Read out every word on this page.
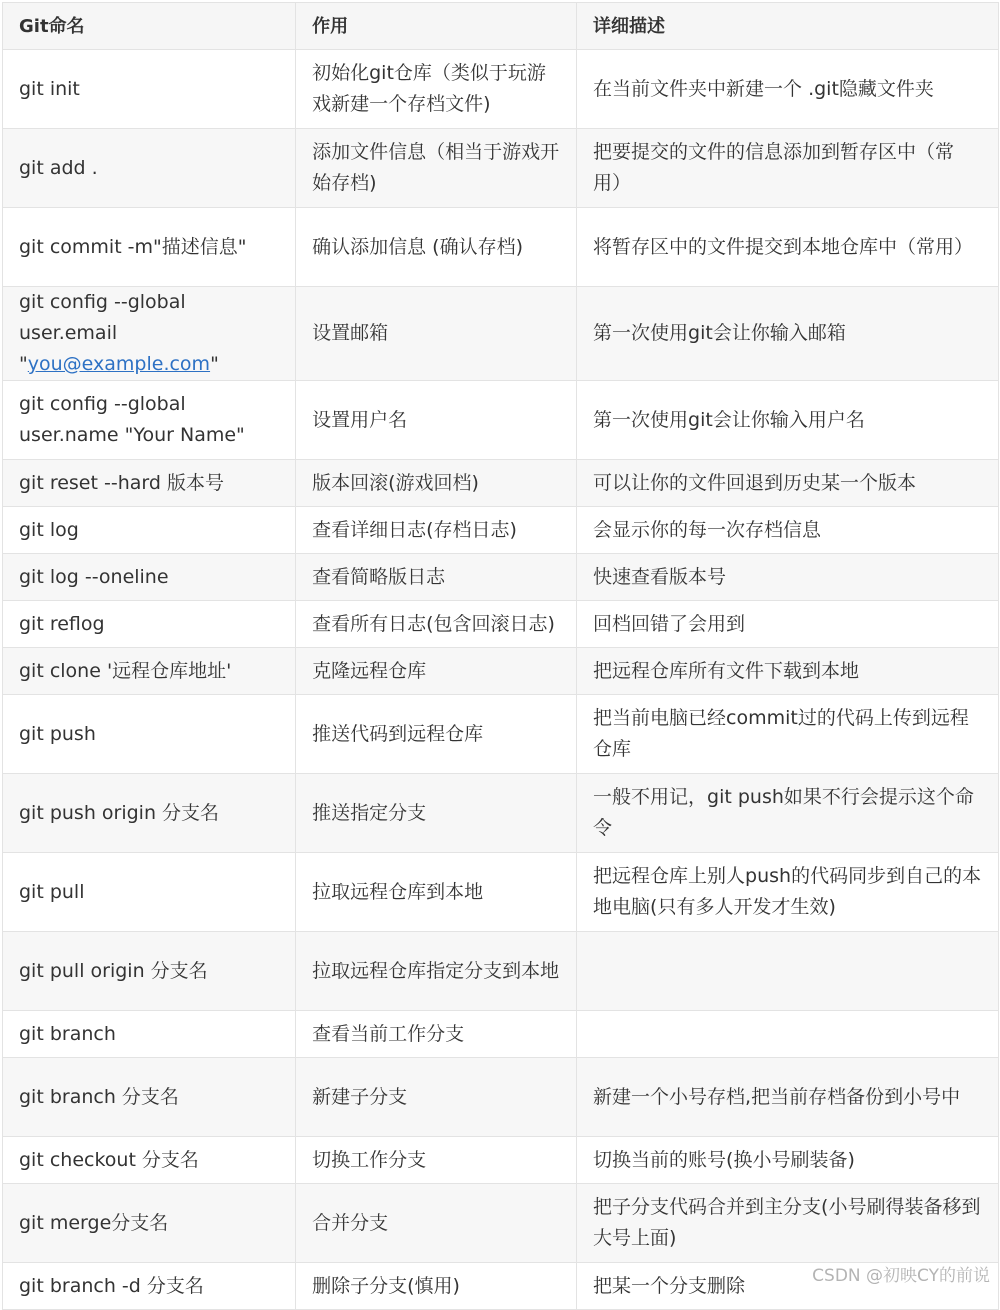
Git命名	作用	详细描述
git init	初始化git仓库（类似于玩游戏新建一个存档文件)	在当前文件夹中新建一个 .git隐藏文件夹
git add .	添加文件信息（相当于游戏开始存档)	把要提交的文件的信息添加到暂存区中（常用）
git commit -m"描述信息"	确认添加信息 (确认存档)	将暂存区中的文件提交到本地仓库中（常用）
git config --global user.email "you@example.com"	设置邮箱	第一次使用git会让你输入邮箱
git config --global user.name "Your Name"	设置用户名	第一次使用git会让你输入用户名
git reset --hard 版本号	版本回滚(游戏回档)	可以让你的文件回退到历史某一个版本
git log	查看详细日志(存档日志)	会显示你的每一次存档信息
git log --oneline	查看简略版日志	快速查看版本号
git reflog	查看所有日志(包含回滚日志)	回档回错了会用到
git clone '远程仓库地址'	克隆远程仓库	把远程仓库所有文件下载到本地
git push	推送代码到远程仓库	把当前电脑已经commit过的代码上传到远程仓库
git push origin 分支名	推送指定分支	一般不用记，git push如果不行会提示这个命令
git pull	拉取远程仓库到本地	把远程仓库上别人push的代码同步到自己的本地电脑(只有多人开发才生效)
git pull origin 分支名	拉取远程仓库指定分支到本地	
git branch	查看当前工作分支	
git branch 分支名	新建子分支	新建一个小号存档,把当前存档备份到小号中
git checkout 分支名	切换工作分支	切换当前的账号(换小号刷装备)
git merge分支名	合并分支	把子分支代码合并到主分支(小号刷得装备移到大号上面)
git branch -d 分支名	删除子分支(慎用)	把某一个分支删除	CSDN @初映CY的前说
